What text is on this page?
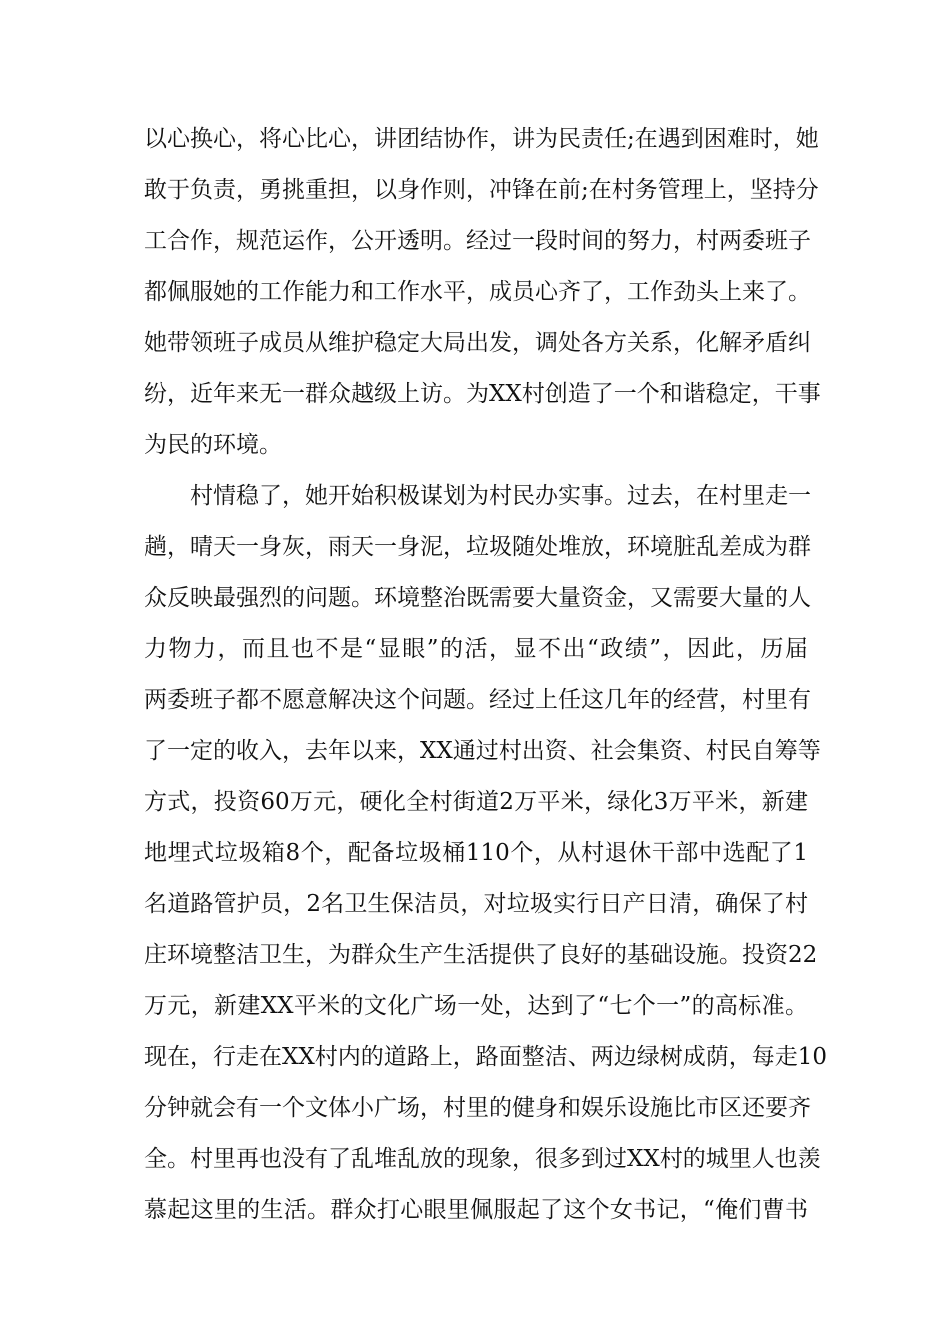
以心换心，将心比心，讲团结协作，讲为民责任;在遇到困难时，她
敢于负责，勇挑重担，以身作则，冲锋在前;在村务管理上，坚持分
工合作，规范运作，公开透明。经过一段时间的努力，村两委班子
都佩服她的工作能力和工作水平，成员心齐了，工作劲头上来了。
她带领班子成员从维护稳定大局出发，调处各方关系，化解矛盾纠
纷，近年来无一群众越级上访。为XX村创造了一个和谐稳定，干事
为民的环境。
村情稳了，她开始积极谋划为村民办实事。过去，在村里走一
趟，晴天一身灰，雨天一身泥，垃圾随处堆放，环境脏乱差成为群
众反映最强烈的问题。环境整治既需要大量资金，又需要大量的人
力物力，而且也不是“显眼”的活，显不出“政绩”，因此，历届
两委班子都不愿意解决这个问题。经过上任这几年的经营，村里有
了一定的收入，去年以来，XX通过村出资、社会集资、村民自筹等
方式，投资60万元，硬化全村街道2万平米，绿化3万平米，新建
地埋式垃圾箱8个，配备垃圾桶110个，从村退休干部中选配了1
名道路管护员，2名卫生保洁员，对垃圾实行日产日清，确保了村
庄环境整洁卫生，为群众生产生活提供了良好的基础设施。投资22
万元，新建XX平米的文化广场一处，达到了“七个一”的高标准。
现在，行走在XX村内的道路上，路面整洁、两边绿树成荫，每走10
分钟就会有一个文体小广场，村里的健身和娱乐设施比市区还要齐
全。村里再也没有了乱堆乱放的现象，很多到过XX村的城里人也羡
慕起这里的生活。群众打心眼里佩服起了这个女书记，“俺们曹书
